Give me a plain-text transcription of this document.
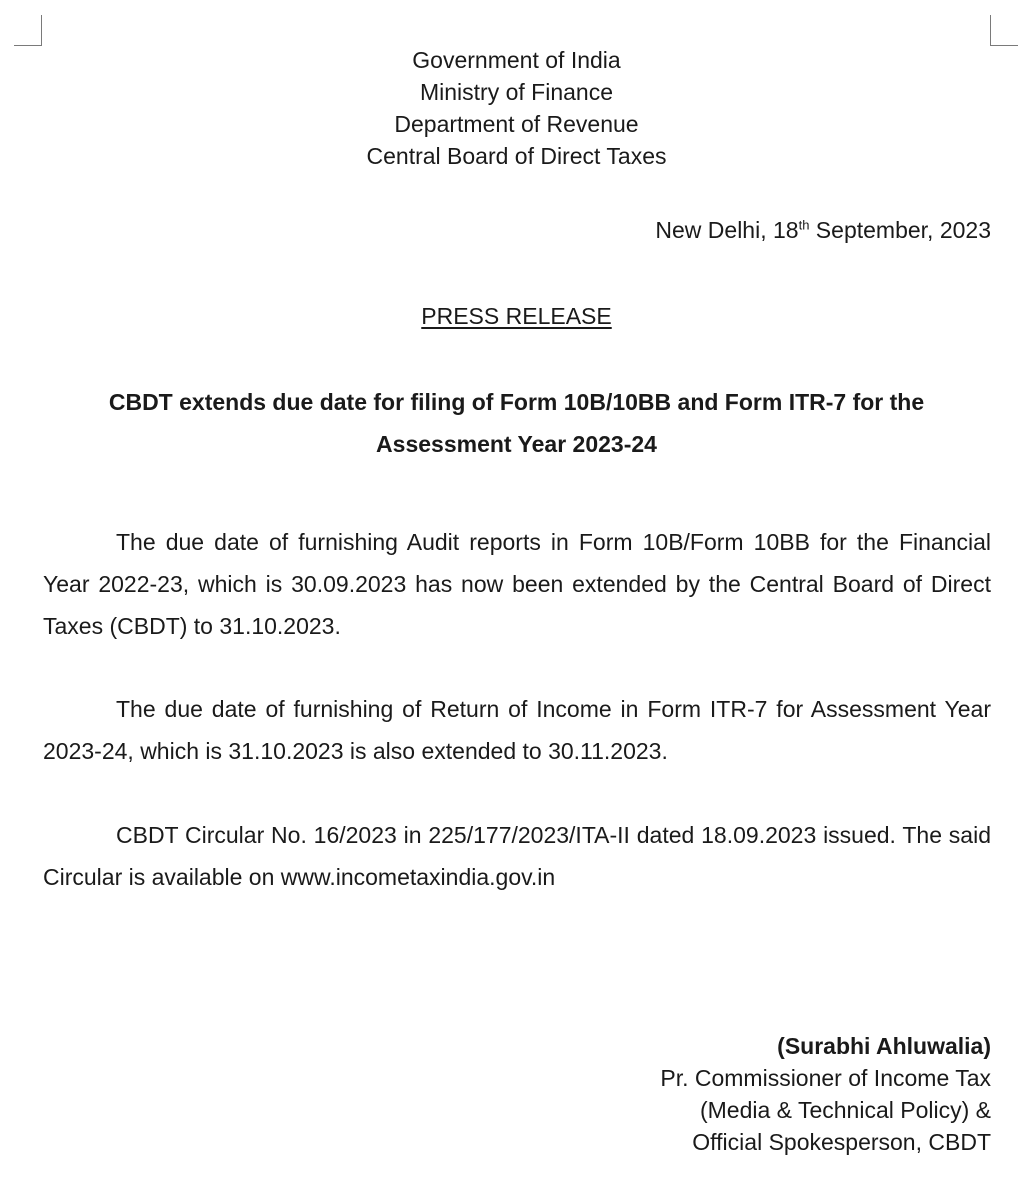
Government of India
Ministry of Finance
Department of Revenue
Central Board of Direct Taxes
New Delhi, 18th September, 2023
PRESS RELEASE
CBDT extends due date for filing of Form 10B/10BB and Form ITR-7 for the Assessment Year 2023-24

The due date of furnishing Audit reports in Form 10B/Form 10BB for the Financial Year 2022-23, which is 30.09.2023 has now been extended by the Central Board of Direct Taxes (CBDT) to 31.10.2023.

The due date of furnishing of Return of Income in Form ITR-7 for Assessment Year 2023-24, which is 31.10.2023 is also extended to 30.11.2023.

CBDT Circular No. 16/2023 in 225/177/2023/ITA-II dated 18.09.2023 issued. The said Circular is available on www.incometaxindia.gov.in

(Surabhi Ahluwalia)
Pr. Commissioner of Income Tax
(Media & Technical Policy) &
Official Spokesperson, CBDT
